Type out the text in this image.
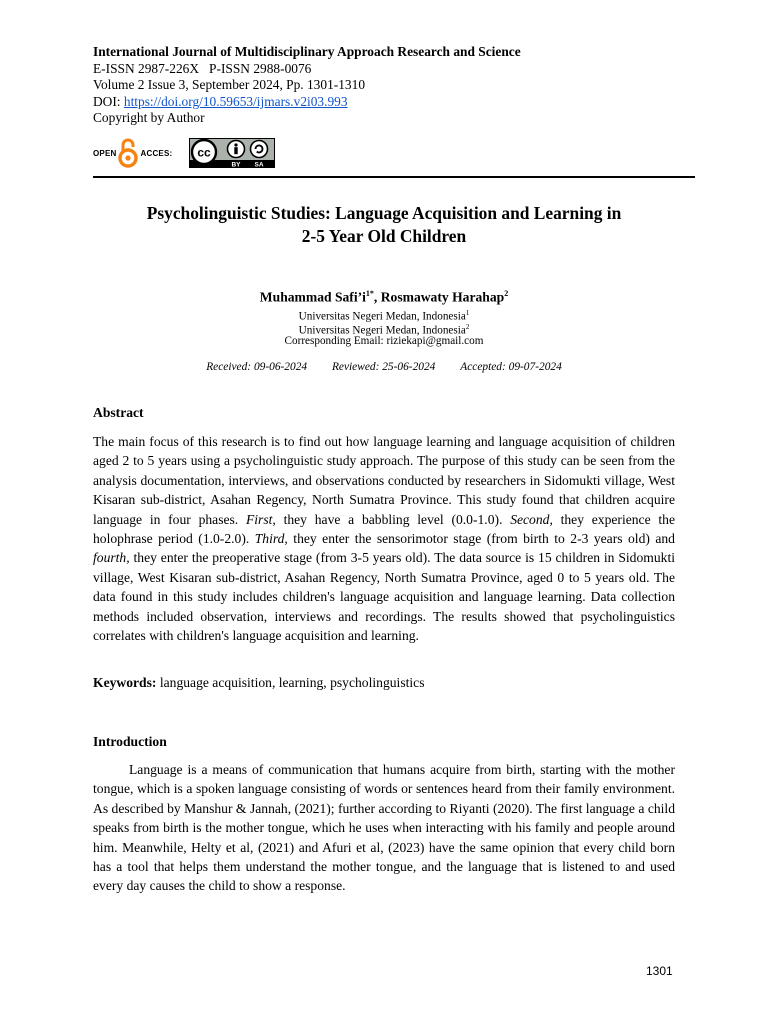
International Journal of Multidisciplinary Approach Research and Science
E-ISSN 2987-226X   P-ISSN 2988-0076
Volume 2 Issue 3, September 2024, Pp. 1301-1310
DOI: https://doi.org/10.59653/ijmars.v2i03.993
Copyright by Author
OPEN	ACCES : cc
BY SA
Psycholinguistic Studies: Language Acquisition and Learning in
2-5 Year Old Children
Muhammad $Safi’i^{1*}$, Rosmawaty Harahap$^2$
Universitas Negeri Medan, Indonesia$^1$
Universitas Negeri Medan, Indonesia$^2$
Corresponding Email: riziekapi@gmail.com
Received: 09-06-2024 Reviewed: 25-06-2024 Accepted: 09-07-2024
Abstract
The main focus of this research is to find out how language learning and language acquisition of children aged 2 to 5 years using a psycholinguistic study approach. The purpose of this study can be seen from the analysis documentation, interviews, and observations conducted by researchers in Sidomukti village, West Kisaran sub-district, Asahan Regency, North Sumatra Province. This study found that children acquire language in four phases. First, they have a babbling level (0.0-1.0). Second, they experience the holophrase period (1.0-2.0). Third, they enter the sensorimotor stage (from birth to 2-3 years old) and fourth, they enter the preoperative stage (from 3-5 years old). The data source is 15 children in Sidomukti village, West Kisaran sub-district, Asahan Regency, North Sumatra Province, aged 0 to 5 years old. The data found in this study includes children's language acquisition and language learning. Data collection methods included observation, interviews and recordings. The results showed that psycholinguistics correlates with children's language acquisition and learning.
Keywords: language acquisition, learning, psycholinguistics
Introduction
Language is a means of communication that humans acquire from birth, starting with the mother tongue, which is a spoken language consisting of words or sentences heard from their family environment. As described by Manshur & Jannah, (2021); further according to Riyanti (2020). The first language a child speaks from birth is the mother tongue, which he uses when interacting with his family and people around him. Meanwhile, Helty et al, (2021) and Afuri et al, (2023) have the same opinion that every child born has a tool that helps them understand the mother tongue, and the language that is listened to and used every day causes the child to show a response.
1301
